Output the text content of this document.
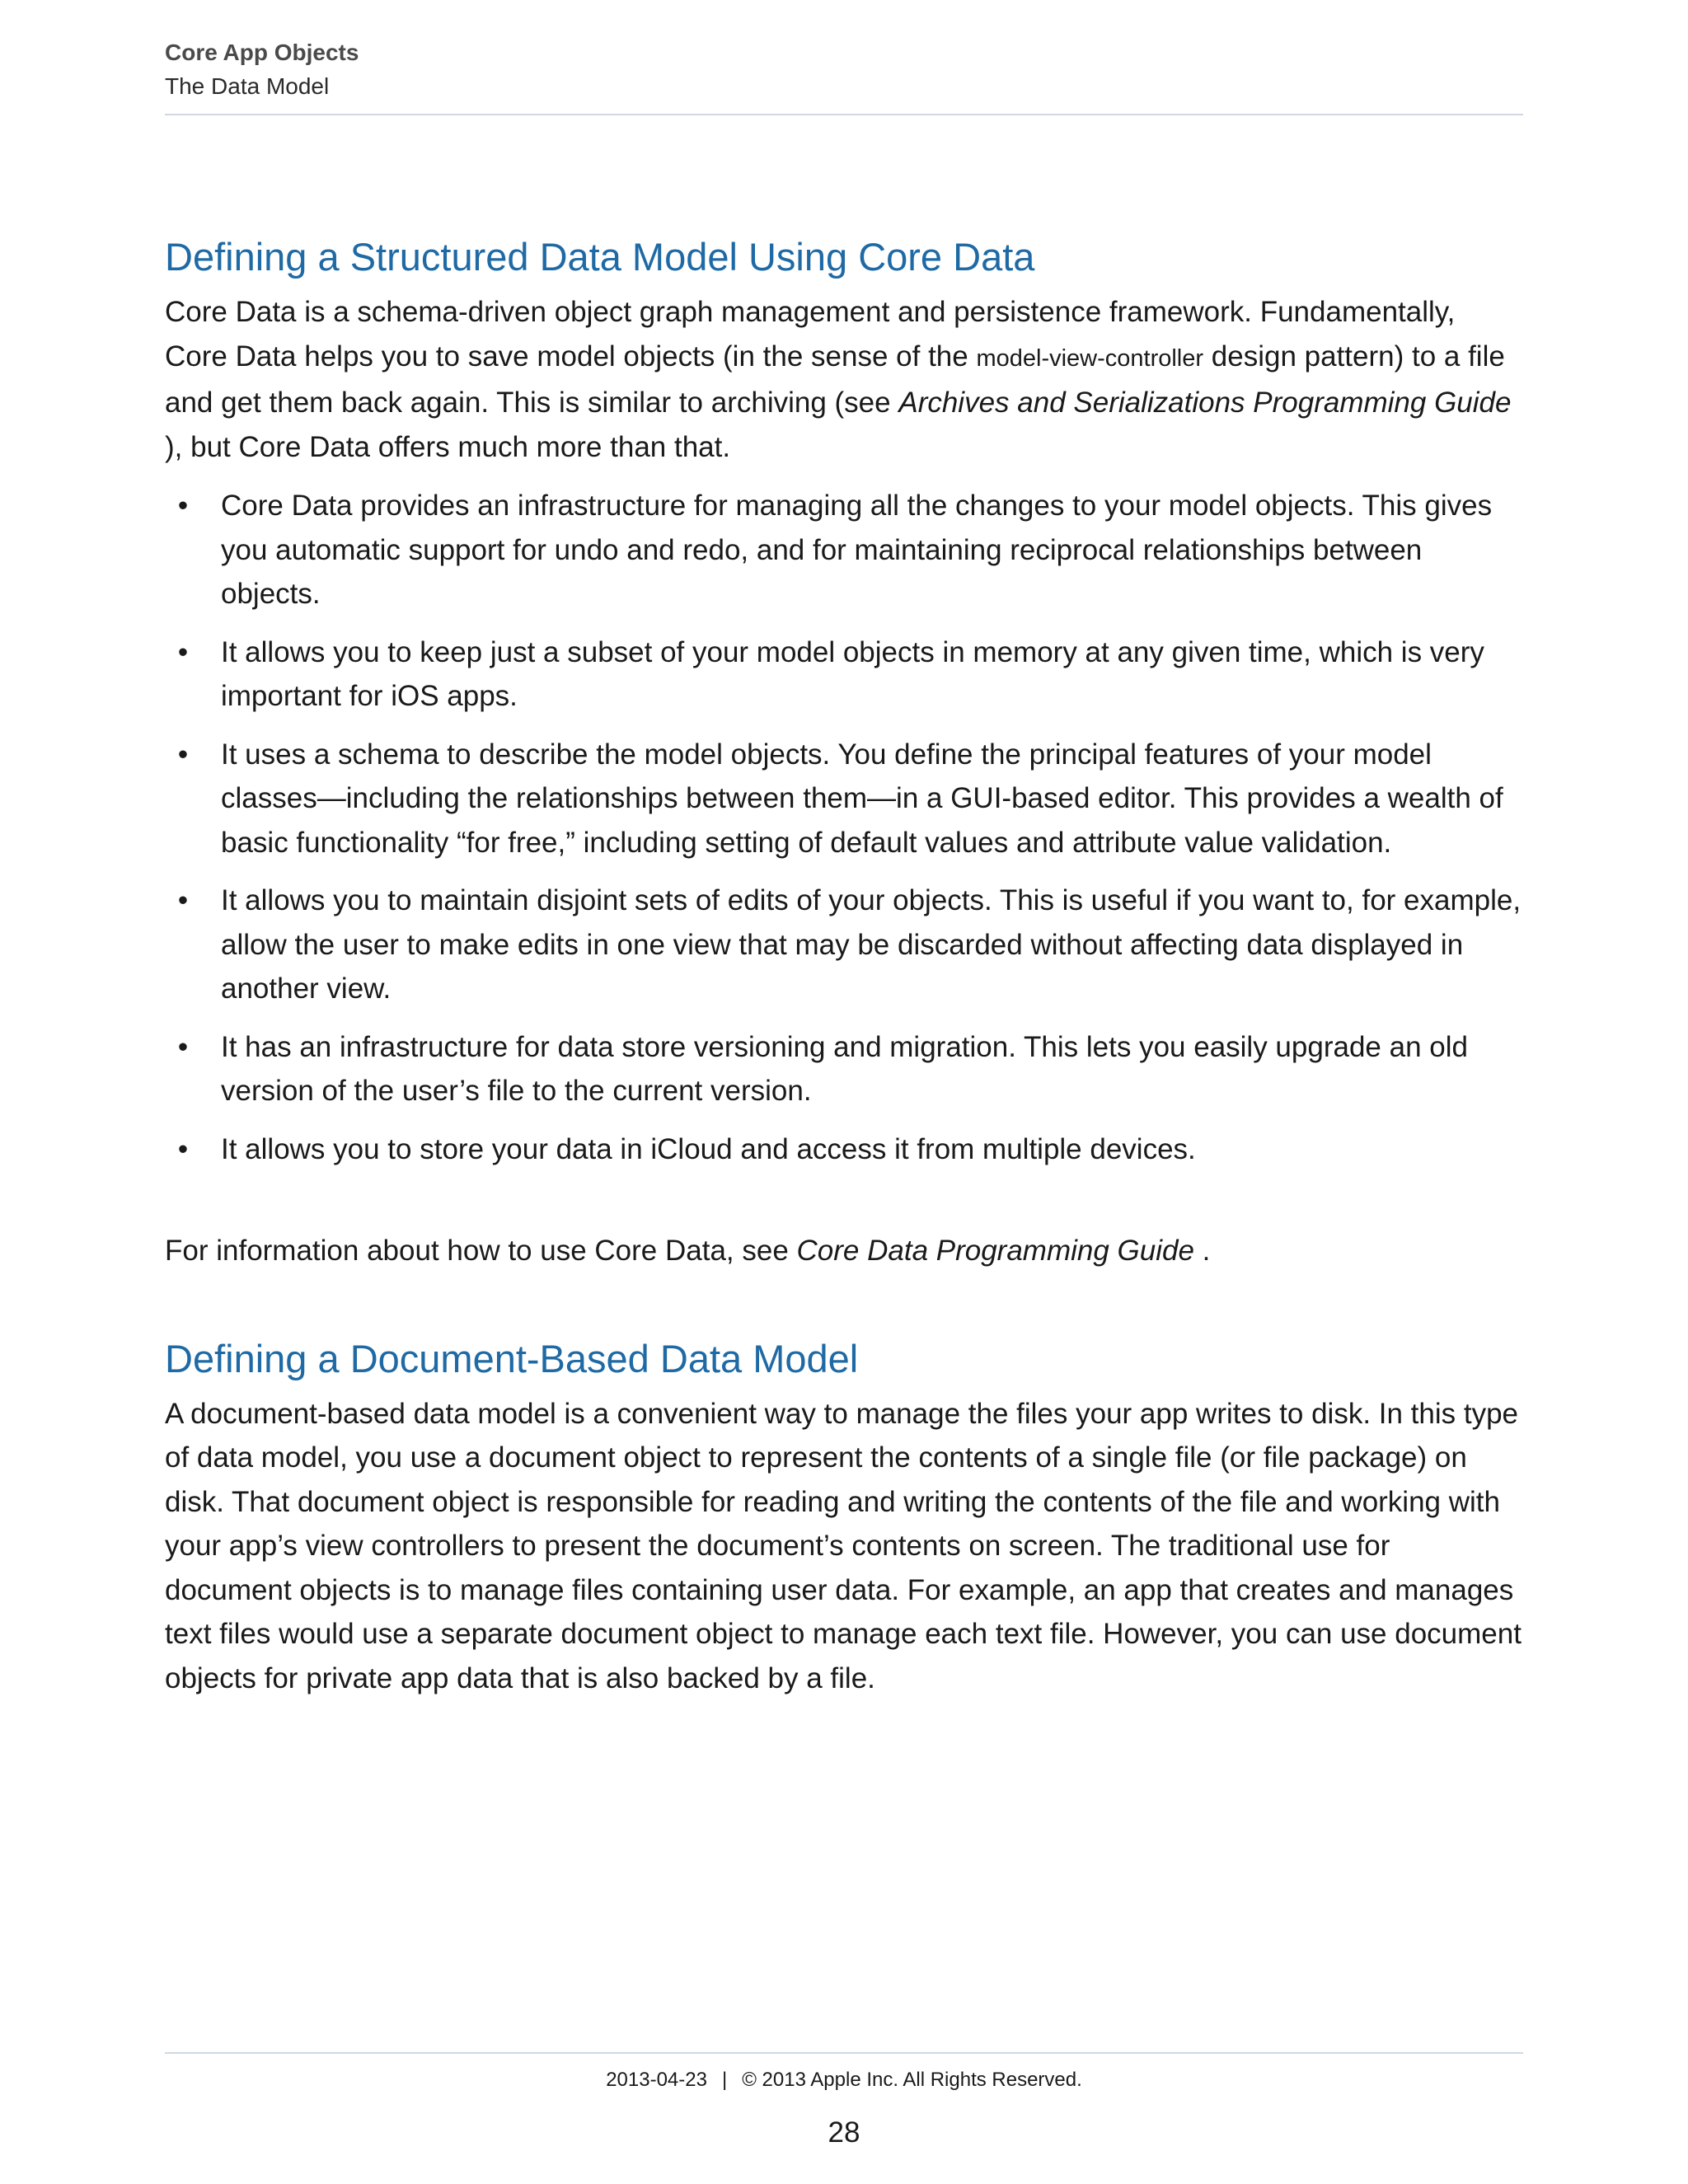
Core App Objects
The Data Model
Defining a Structured Data Model Using Core Data

Core Data is a schema-driven object graph management and persistence framework. Fundamentally, Core Data helps you to save model objects (in the sense of the model-view-controller design pattern) to a file and get them back again. This is similar to archiving (see Archives and Serializations Programming Guide ), but Core Data offers much more than that.

• Core Data provides an infrastructure for managing all the changes to your model objects. This gives you automatic support for undo and redo, and for maintaining reciprocal relationships between objects.
• It allows you to keep just a subset of your model objects in memory at any given time, which is very important for iOS apps.
• It uses a schema to describe the model objects. You define the principal features of your model classes—including the relationships between them—in a GUI-based editor. This provides a wealth of basic functionality “for free,” including setting of default values and attribute value validation.
• It allows you to maintain disjoint sets of edits of your objects. This is useful if you want to, for example, allow the user to make edits in one view that may be discarded without affecting data displayed in another view.
• It has an infrastructure for data store versioning and migration. This lets you easily upgrade an old version of the user’s file to the current version.
• It allows you to store your data in iCloud and access it from multiple devices.

For information about how to use Core Data, see Core Data Programming Guide .

Defining a Document-Based Data Model

A document-based data model is a convenient way to manage the files your app writes to disk. In this type of data model, you use a document object to represent the contents of a single file (or file package) on disk. That document object is responsible for reading and writing the contents of the file and working with your app’s view controllers to present the document’s contents on screen. The traditional use for document objects is to manage files containing user data. For example, an app that creates and manages text files would use a separate document object to manage each text file. However, you can use document objects for private app data that is also backed by a file.

2013-04-23 | © 2013 Apple Inc. All Rights Reserved.
28
